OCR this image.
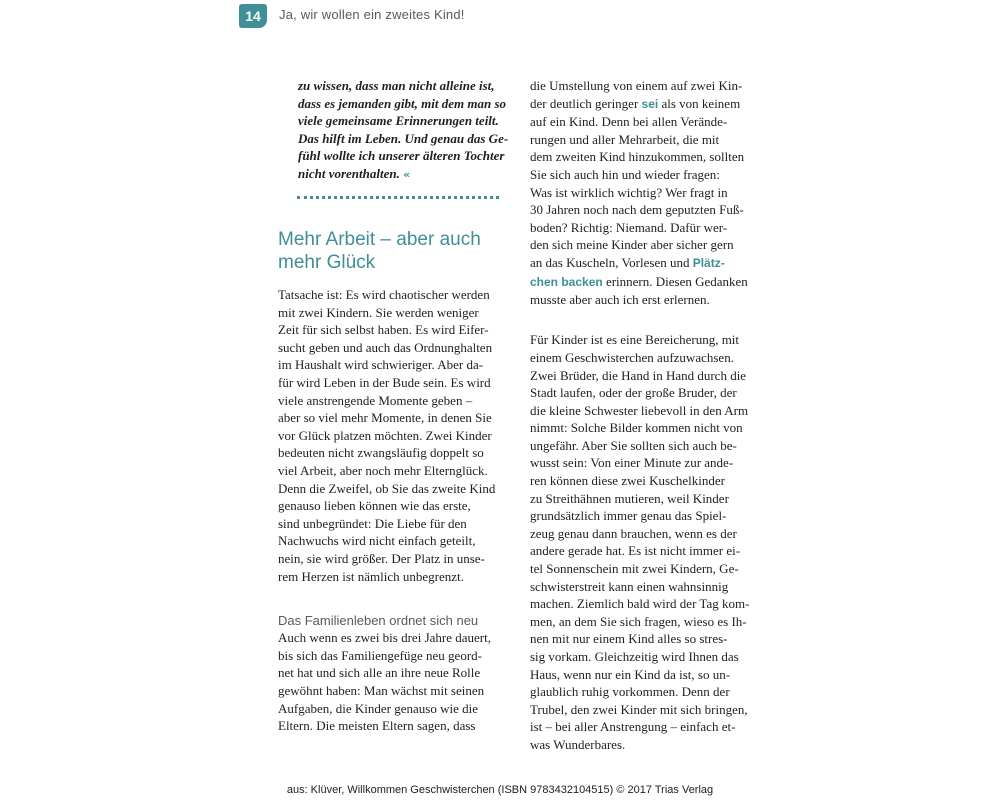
14	Ja, wir wollen ein zweites Kind!
zu wissen, dass man nicht alleine ist,
dass es jemanden gibt, mit dem man so
viele gemeinsame Erinnerungen teilt.
Das hilft im Leben. Und genau das Ge-
fühl wollte ich unserer älteren Tochter
nicht vorenthalten. «
Mehr Arbeit – aber auch
mehr Glück
Tatsache ist: Es wird chaotischer werden
mit zwei Kindern. Sie werden weniger
Zeit für sich selbst haben. Es wird Eifer-
sucht geben und auch das Ordnunghalten
im Haushalt wird schwieriger. Aber da-
für wird Leben in der Bude sein. Es wird
viele anstrengende Momente geben –
aber so viel mehr Momente, in denen Sie
vor Glück platzen möchten. Zwei Kinder
bedeuten nicht zwangsläufig doppelt so
viel Arbeit, aber noch mehr Elternglück.
Denn die Zweifel, ob Sie das zweite Kind
genauso lieben können wie das erste,
sind unbegründet: Die Liebe für den
Nachwuchs wird nicht einfach geteilt,
nein, sie wird größer. Der Platz in unse-
rem Herzen ist nämlich unbegrenzt.
Das Familienleben ordnet sich neu
Auch wenn es zwei bis drei Jahre dauert,
bis sich das Familiengefüge neu geord-
net hat und sich alle an ihre neue Rolle
gewöhnt haben: Man wächst mit seinen
Aufgaben, die Kinder genauso wie die
Eltern. Die meisten Eltern sagen, dass
die Umstellung von einem auf zwei Kin-
der deutlich geringer sei als von keinem
auf ein Kind. Denn bei allen Verände-
rungen und aller Mehrarbeit, die mit
dem zweiten Kind hinzukommen, sollten
Sie sich auch hin und wieder fragen:
Was ist wirklich wichtig? Wer fragt in
30 Jahren noch nach dem geputzten Fuß-
boden? Richtig: Niemand. Dafür wer-
den sich meine Kinder aber sicher gern
an das Kuscheln, Vorlesen und Plätz-
chen backen erinnern. Diesen Gedanken
musste aber auch ich erst erlernen.
Für Kinder ist es eine Bereicherung, mit
einem Geschwisterchen aufzuwachsen.
Zwei Brüder, die Hand in Hand durch die
Stadt laufen, oder der große Bruder, der
die kleine Schwester liebevoll in den Arm
nimmt: Solche Bilder kommen nicht von
ungefähr. Aber Sie sollten sich auch be-
wusst sein: Von einer Minute zur ande-
ren können diese zwei Kuschelkinder
zu Streithähnen mutieren, weil Kinder
grundsätzlich immer genau das Spiel-
zeug genau dann brauchen, wenn es der
andere gerade hat. Es ist nicht immer ei-
tel Sonnenschein mit zwei Kindern, Ge-
schwisterstreit kann einen wahnsinnig
machen. Ziemlich bald wird der Tag kom-
men, an dem Sie sich fragen, wieso es Ih-
nen mit nur einem Kind alles so stres-
sig vorkam. Gleichzeitig wird Ihnen das
Haus, wenn nur ein Kind da ist, so un-
glaublich ruhig vorkommen. Denn der
Trubel, den zwei Kinder mit sich bringen,
ist – bei aller Anstrengung – einfach et-
was Wunderbares.
aus: Klüver, Willkommen Geschwisterchen (ISBN 9783432104515) © 2017 Trias Verlag
